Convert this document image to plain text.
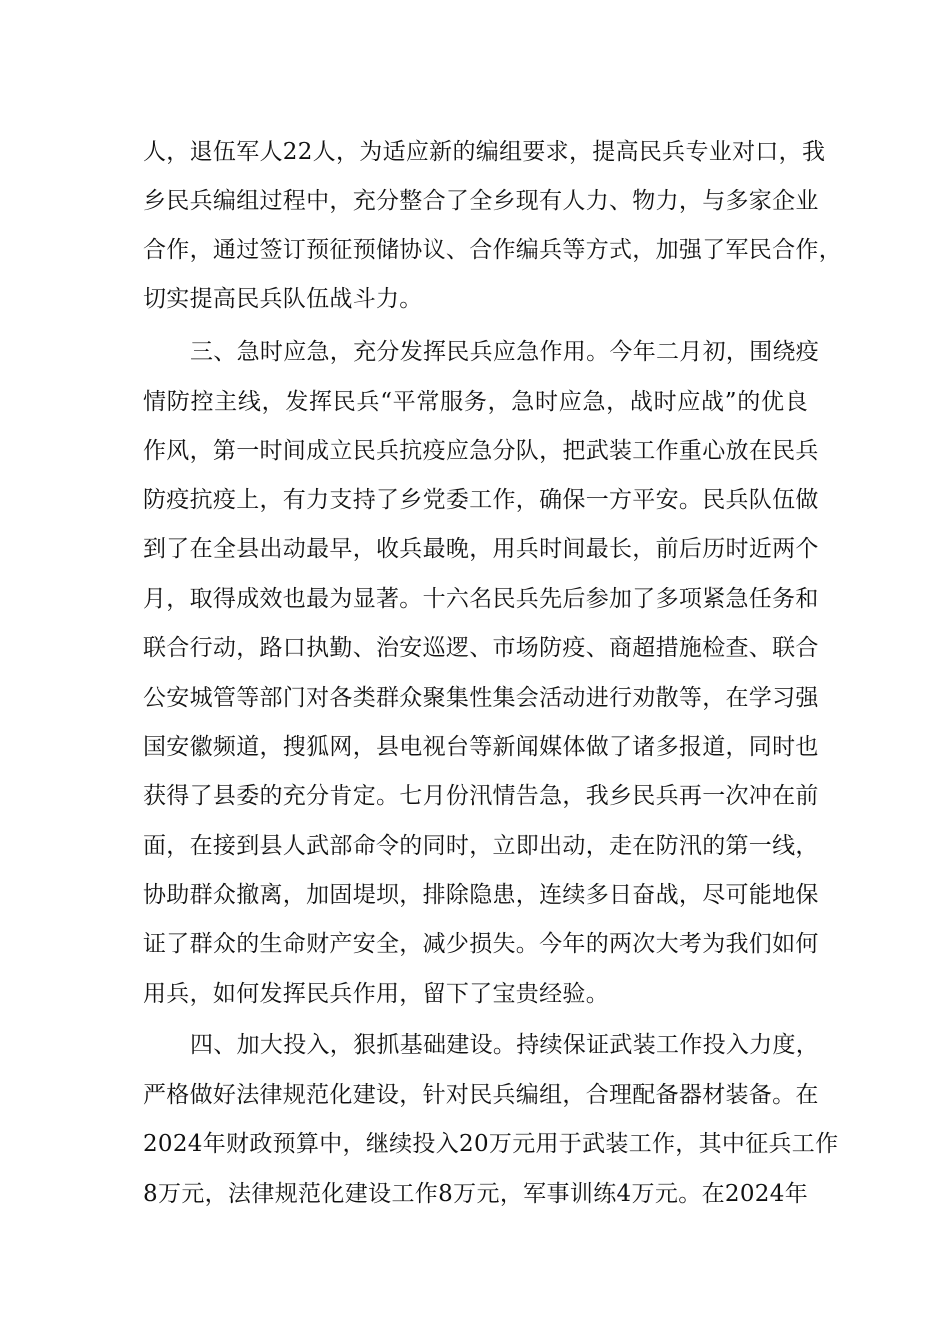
人，退伍军人22人，为适应新的编组要求，提高民兵专业对口，我
乡民兵编组过程中，充分整合了全乡现有人力、物力，与多家企业
合作，通过签订预征预储协议、合作编兵等方式，加强了军民合作，
切实提高民兵队伍战斗力。
三、急时应急，充分发挥民兵应急作用。今年二月初，围绕疫
情防控主线，发挥民兵“平常服务，急时应急，战时应战”的优良
作风，第一时间成立民兵抗疫应急分队，把武装工作重心放在民兵
防疫抗疫上，有力支持了乡党委工作，确保一方平安。民兵队伍做
到了在全县出动最早，收兵最晚，用兵时间最长，前后历时近两个
月，取得成效也最为显著。十六名民兵先后参加了多项紧急任务和
联合行动，路口执勤、治安巡逻、市场防疫、商超措施检查、联合
公安城管等部门对各类群众聚集性集会活动进行劝散等，在学习强
国安徽频道，搜狐网，县电视台等新闻媒体做了诸多报道，同时也
获得了县委的充分肯定。七月份汛情告急，我乡民兵再一次冲在前
面，在接到县人武部命令的同时，立即出动，走在防汛的第一线，
协助群众撤离，加固堤坝，排除隐患，连续多日奋战，尽可能地保
证了群众的生命财产安全，减少损失。今年的两次大考为我们如何
用兵，如何发挥民兵作用，留下了宝贵经验。
四、加大投入，狠抓基础建设。持续保证武装工作投入力度，
严格做好法律规范化建设，针对民兵编组，合理配备器材装备。在
2024年财政预算中，继续投入20万元用于武装工作，其中征兵工作
8万元，法律规范化建设工作8万元，军事训练4万元。在2024年
